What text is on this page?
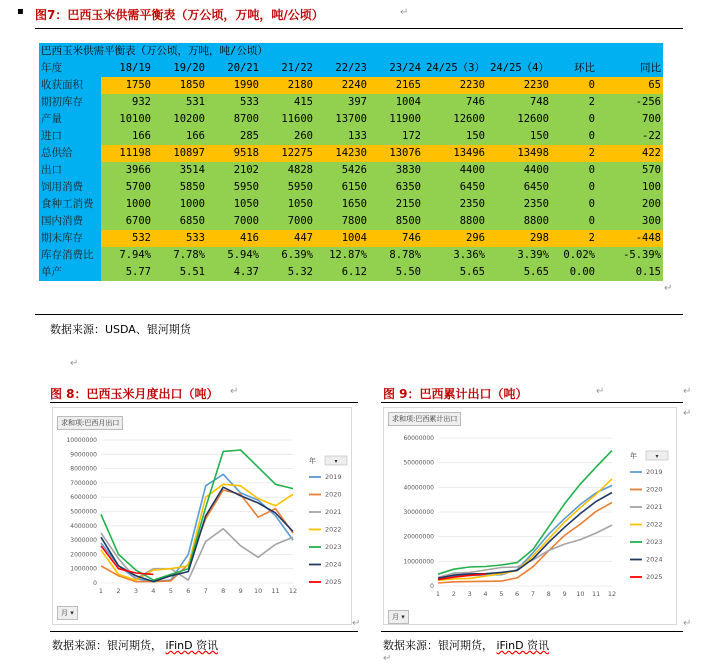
▪ 图7：巴西玉米供需平衡表（万公顷，万吨，吨/公顷）	↵
巴西玉米供需平衡表（万公顷，万吨，吨/公顷）										
年度	18/19	19/20	20/21	21/22	22/23	23/24	24/25（3）	24/25（4）	环比	同比
收获面积	1750	1850	1990	2180	2240	2165	2230	2230	0	65
期初库存	932	531	533	415	397	1004	746	748	2	-256
产量	10100	10200	8700	11600	13700	11900	12600	12600	0	700
进口	166	166	285	260	133	172	150	150	0	-22
总供给	11198	10897	9518	12275	14230	13076	13496	13498	2	422
出口	3966	3514	2102	4828	5426	3830	4400	4400	0	570
饲用消费	5700	5850	5950	5950	6150	6350	6450	6450	0	100
食种工消费	1000	1000	1050	1050	1650	2150	2350	2350	0	200
国内消费	6700	6850	7000	7000	7800	8500	8800	8800	0	300
期末库存	532	533	416	447	1004	746	296	298	2	-448
库存消费比	7.94%	7.78%	5.94%	6.39%	12.87%	8.78%	3.36%	3.39%	0.02%	-5.39%
单产	5.77	5.51	4.37	5.32	6.12	5.50	5.65	5.65	0.00	0.15
↵
数据来源：USDA、银河期货
↵
图 8：巴西玉米月度出口（吨） ↵
求和项:巴西月出口
0
1000000
2000000
3000000
4000000
5000000
6000000
7000000
8000000
9000000
10000000
1 2 3 4 5 6 7 8 9 10 11 12
年	▾
2019
2020
2021
2022
2023
2024
2025
月 ▾
↵
数据来源：银河期货， iFinD 资讯
图 9：巴西累计出口（吨）	↵	↵
求和项:巴西累计出口
0
10000000
20000000
30000000
40000000
50000000
60000000
1 2 3 4 5 6 7 8 9 10 11 12
年	▾
2019
2020
2021
2022
2023
2024
2025
月 ▾
↵
↵
数据来源：银河期货， iFinD 资讯
↵
